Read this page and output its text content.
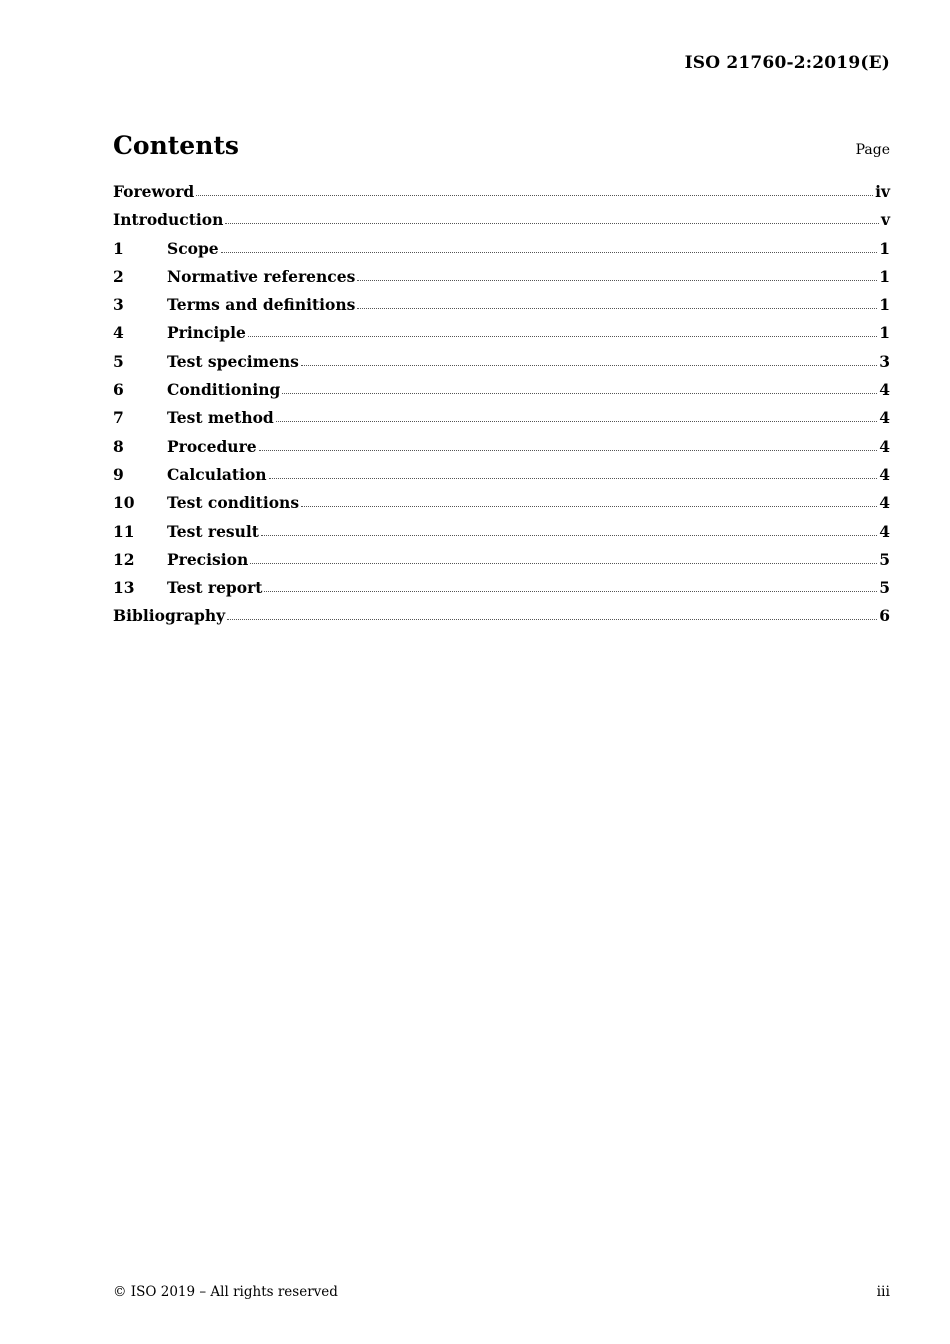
ISO 21760-2:2019(E)
Contents	Page
Foreword	iv
Introduction	v
1	Scope	1
2	Normative references	1
3	Terms and definitions	1
4	Principle	1
5	Test specimens	3
6	Conditioning	4
7	Test method	4
8	Procedure	4
9	Calculation	4
10	Test conditions	4
11	Test result	4
12	Precision	5
13	Test report	5
Bibliography	6
© ISO 2019 – All rights reserved	iii
